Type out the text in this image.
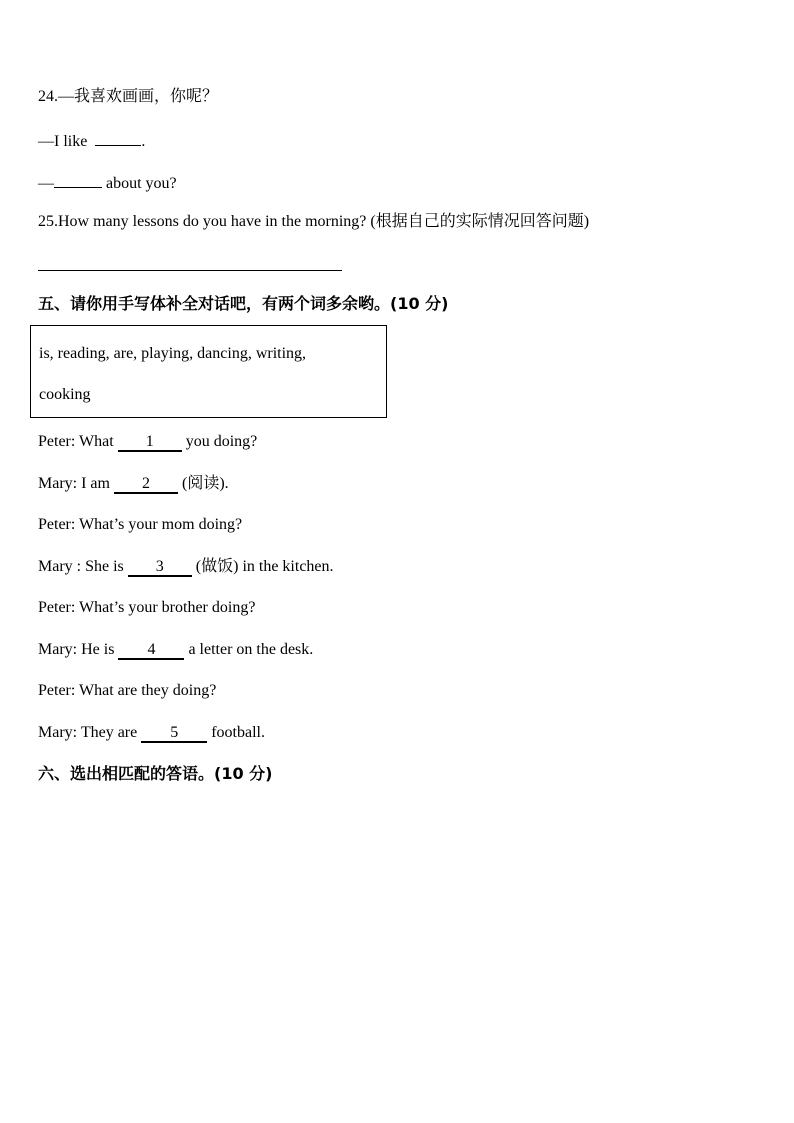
24.—我喜欢画画，你呢？
—I like	.
—	about you?
25.How many lessons do you have in the morning? (根据自己的实际情况回答问题)
五、请你用手写体补全对话吧，有两个词多余哟。(10 分)
is, reading, are, playing, dancing, writing,
cooking
Peter: What 1 you doing?
Mary: I am 2 (阅读).
Peter: What’s your mom doing?
Mary : She is 3 (做饭) in the kitchen.
Peter: What’s your brother doing?
Mary: He is 4 a letter on the desk.
Peter: What are they doing?
Mary: They are 5 football.
六、选出相匹配的答语。(10 分)
